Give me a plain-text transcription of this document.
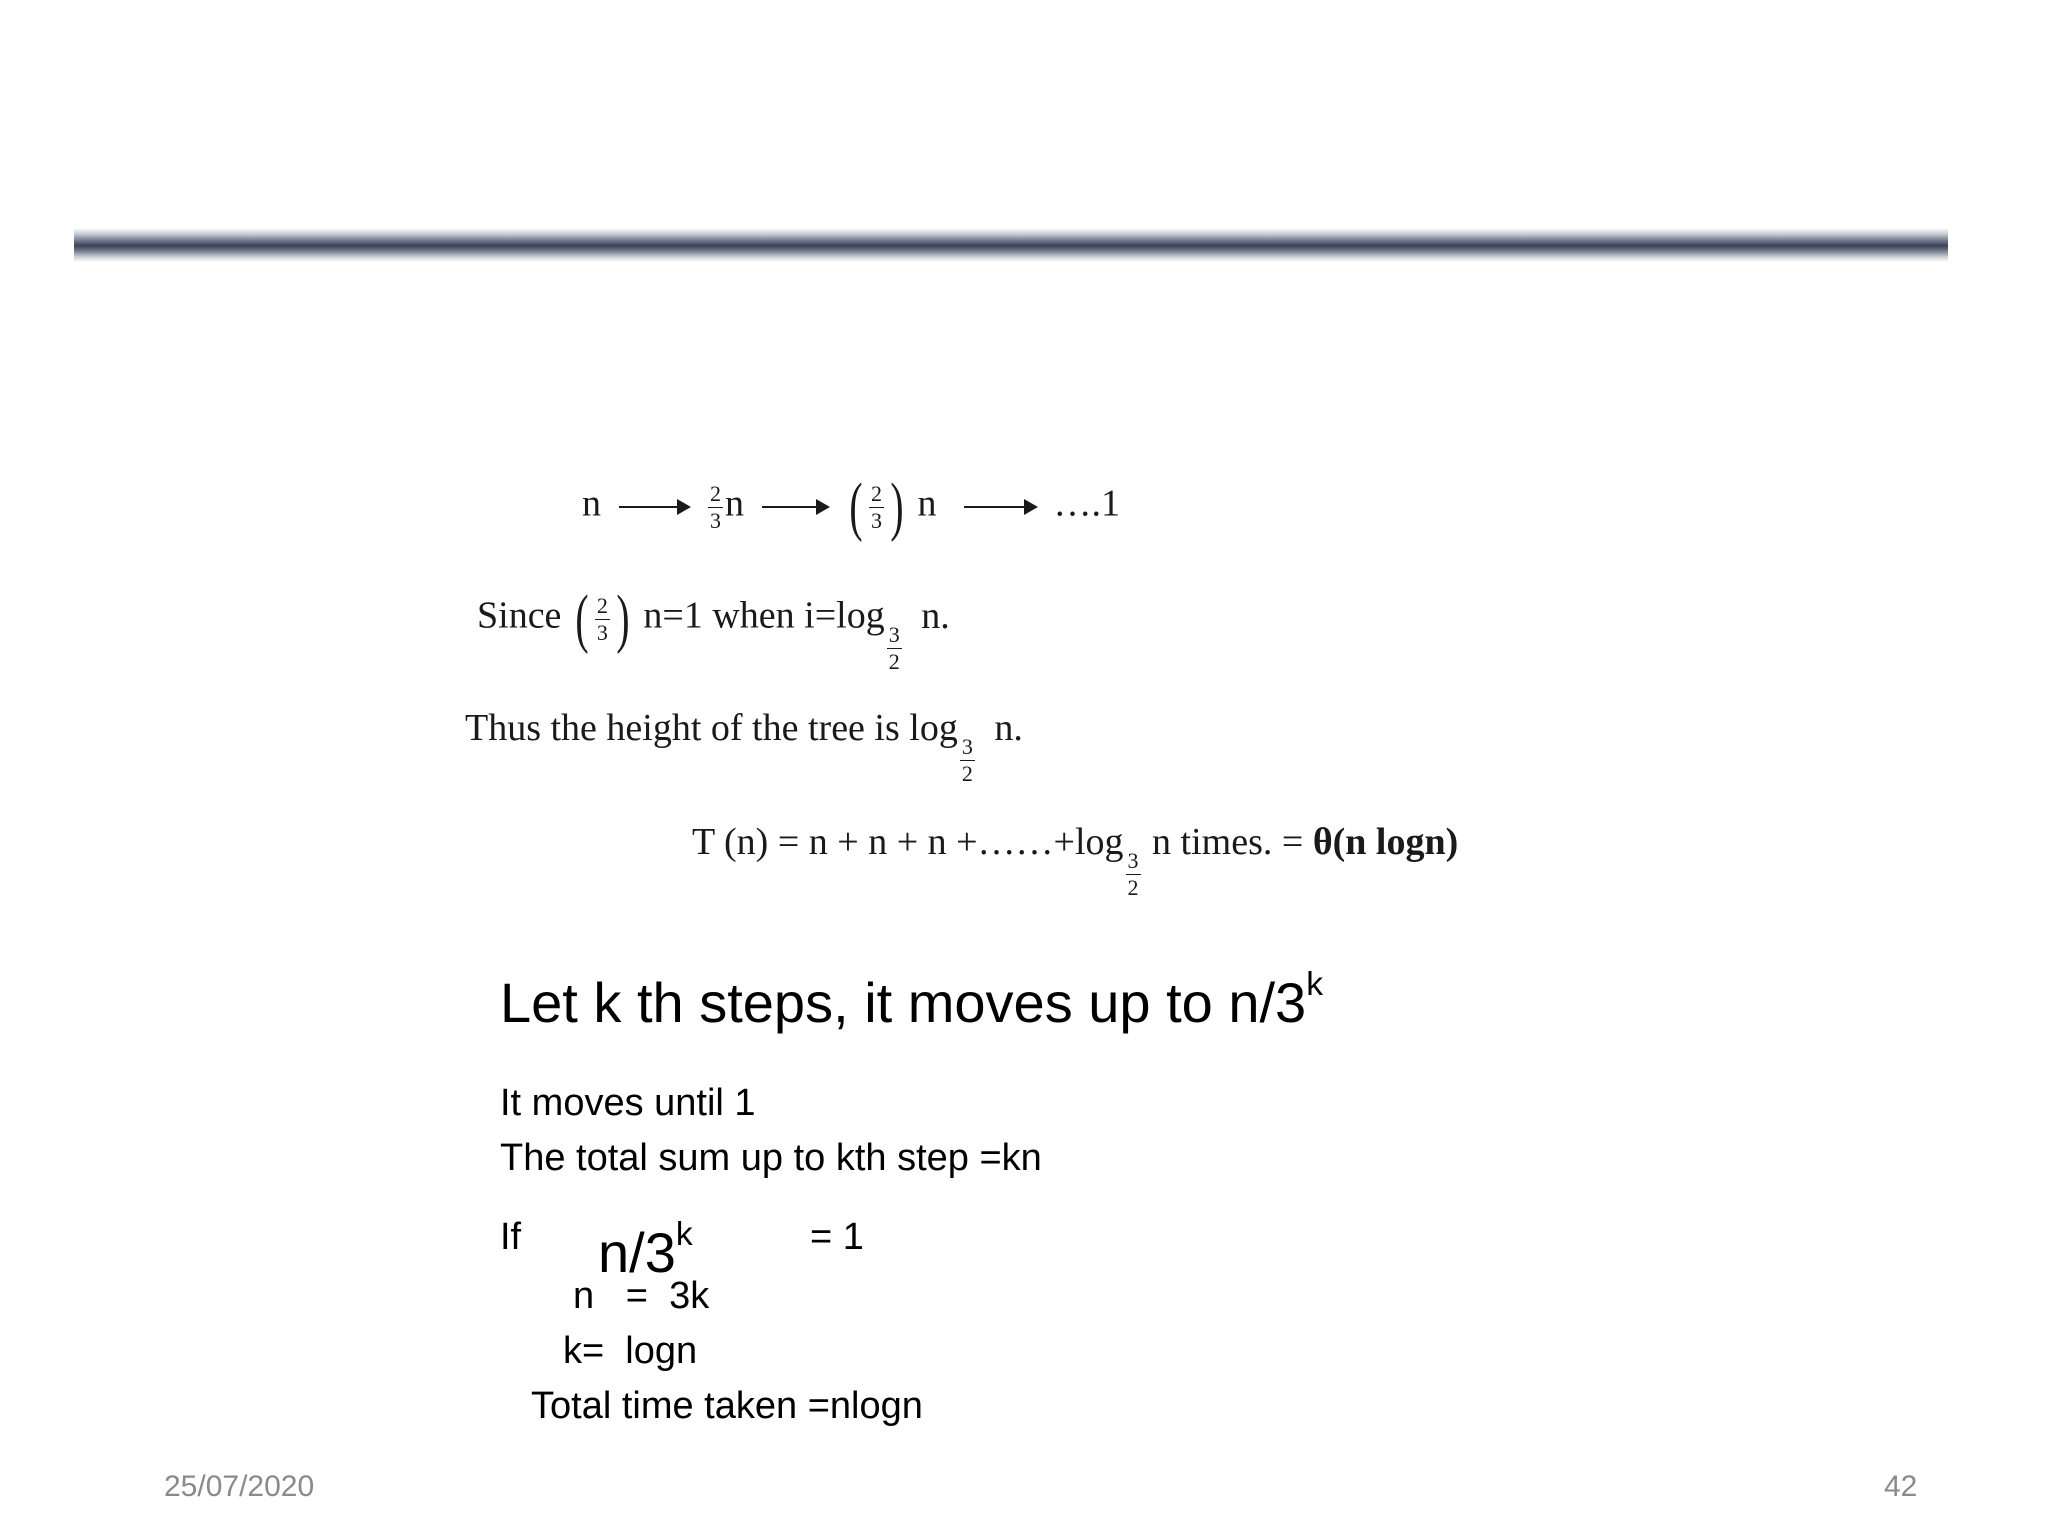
n	$\frac{2}{3}$ n ( $\frac{2}{3}$ ) n	….1
Since ( $\frac{2}{3}$ ) n=1 when i=log
$\frac{3}{2}$
n.
Thus the height of the tree is log
$\frac{3}{2}$
n.
T (n) = n + n + n +……+log
$\frac{3}{2}$
n times. = θ(n logn)
Let k th steps, it moves up to n/3$^k$
It moves until 1
The total sum up to kth step =kn
If $n/3^k$	= 1
n   =  3k
k=  logn
Total time taken =nlogn
25/07/2020	42
